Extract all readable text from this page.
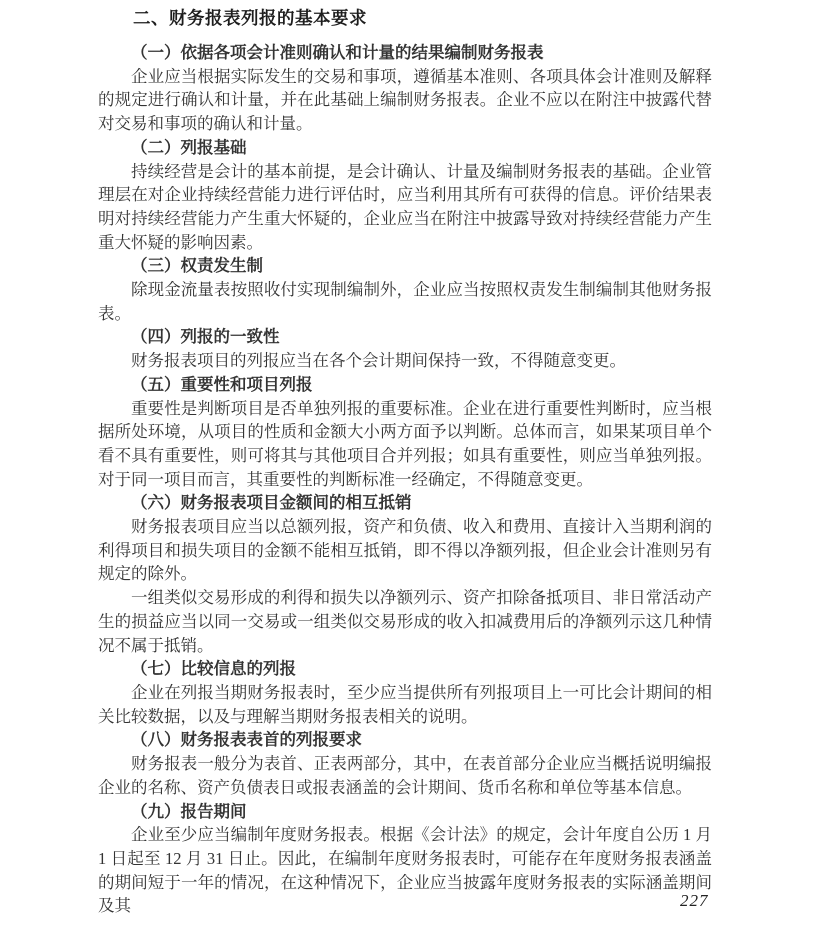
二、财务报表列报的基本要求
（一）依据各项会计准则确认和计量的结果编制财务报表

企业应当根据实际发生的交易和事项，遵循基本准则、各项具体会计准则及解释的规定进行确认和计量，并在此基础上编制财务报表。企业不应以在附注中披露代替对交易和事项的确认和计量。

（二）列报基础

持续经营是会计的基本前提，是会计确认、计量及编制财务报表的基础。企业管理层在对企业持续经营能力进行评估时，应当利用其所有可获得的信息。评价结果表明对持续经营能力产生重大怀疑的，企业应当在附注中披露导致对持续经营能力产生重大怀疑的影响因素。

（三）权责发生制

除现金流量表按照收付实现制编制外，企业应当按照权责发生制编制其他财务报表。

（四）列报的一致性

财务报表项目的列报应当在各个会计期间保持一致，不得随意变更。

（五）重要性和项目列报

重要性是判断项目是否单独列报的重要标准。企业在进行重要性判断时，应当根据所处环境，从项目的性质和金额大小两方面予以判断。总体而言，如果某项目单个看不具有重要性，则可将其与其他项目合并列报；如具有重要性，则应当单独列报。对于同一项目而言，其重要性的判断标准一经确定，不得随意变更。

（六）财务报表项目金额间的相互抵销

财务报表项目应当以总额列报，资产和负债、收入和费用、直接计入当期利润的利得项目和损失项目的金额不能相互抵销，即不得以净额列报，但企业会计准则另有规定的除外。

一组类似交易形成的利得和损失以净额列示、资产扣除备抵项目、非日常活动产生的损益应当以同一交易或一组类似交易形成的收入扣减费用后的净额列示这几种情况不属于抵销。

（七）比较信息的列报

企业在列报当期财务报表时，至少应当提供所有列报项目上一可比会计期间的相关比较数据，以及与理解当期财务报表相关的说明。

（八）财务报表表首的列报要求

财务报表一般分为表首、正表两部分，其中，在表首部分企业应当概括说明编报企业的名称、资产负债表日或报表涵盖的会计期间、货币名称和单位等基本信息。

（九）报告期间

企业至少应当编制年度财务报表。根据《会计法》的规定，会计年度自公历 1 月 1 日起至 12 月 31 日止。因此，在编制年度财务报表时，可能存在年度财务报表涵盖的期间短于一年的情况，在这种情况下，企业应当披露年度财务报表的实际涵盖期间及其	227
